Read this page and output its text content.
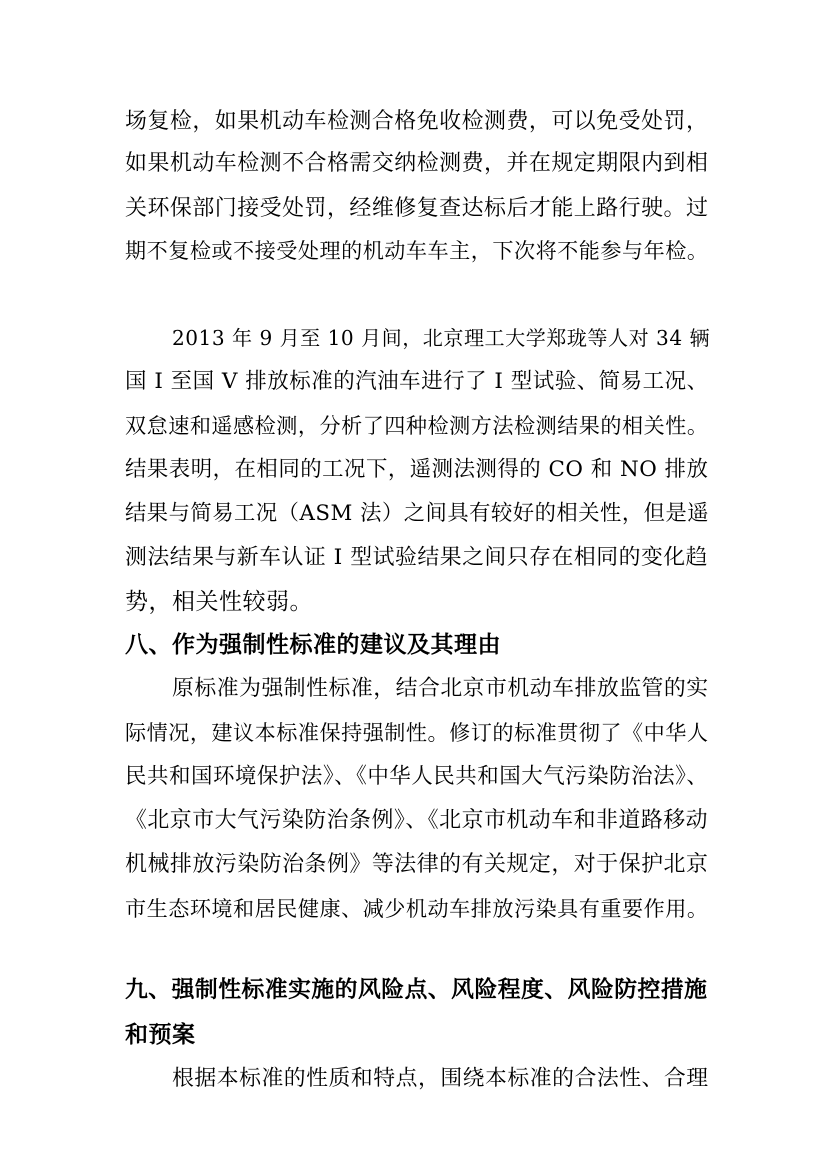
场复检，如果机动车检测合格免收检测费，可以免受处罚，
如果机动车检测不合格需交纳检测费，并在规定期限内到相
关环保部门接受处罚，经维修复查达标后才能上路行驶。过
期不复检或不接受处理的机动车车主，下次将不能参与年检。
2013 年 9 月至 10 月间，北京理工大学郑珑等人对 34 辆
国 I 至国 V 排放标准的汽油车进行了 I 型试验、简易工况、
双怠速和遥感检测，分析了四种检测方法检测结果的相关性。
结果表明，在相同的工况下，遥测法测得的 CO 和 NO 排放
结果与简易工况（ASM 法）之间具有较好的相关性，但是遥
测法结果与新车认证 I 型试验结果之间只存在相同的变化趋
势，相关性较弱。
八、作为强制性标准的建议及其理由
原标准为强制性标准，结合北京市机动车排放监管的实
际情况，建议本标准保持强制性。修订的标准贯彻了《中华人
民共和国环境保护法》、《中华人民共和国大气污染防治法》、
《北京市大气污染防治条例》、《北京市机动车和非道路移动
机械排放污染防治条例》等法律的有关规定，对于保护北京
市生态环境和居民健康、减少机动车排放污染具有重要作用。
九、强制性标准实施的风险点、风险程度、风险防控措施
和预案
根据本标准的性质和特点，围绕本标准的合法性、合理
